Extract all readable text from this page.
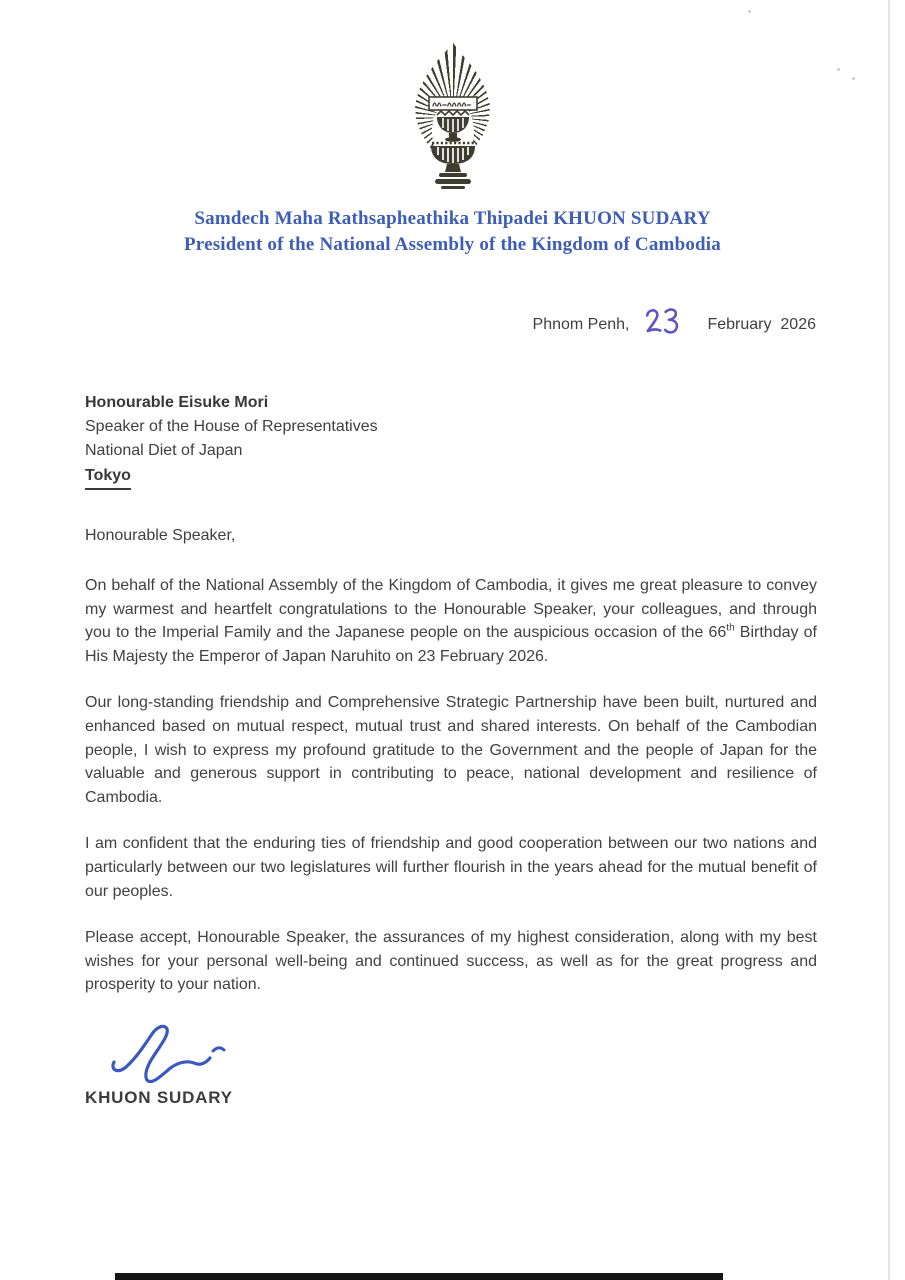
Samdech Maha Rathsapheathika Thipadei KHUON SUDARY
President of the National Assembly of the Kingdom of Cambodia
Phnom Penh,	February  2026
Honourable Eisuke Mori
Speaker of the House of Representatives
National Diet of Japan
Tokyo
Honourable Speaker,

On behalf of the National Assembly of the Kingdom of Cambodia, it gives me great pleasure to convey my warmest and heartfelt congratulations to the Honourable Speaker, your colleagues, and through you to the Imperial Family and the Japanese people on the auspicious occasion of the 66th Birthday of His Majesty the Emperor of Japan Naruhito on 23 February 2026.

Our long-standing friendship and Comprehensive Strategic Partnership have been built, nurtured and enhanced based on mutual respect, mutual trust and shared interests. On behalf of the Cambodian people, I wish to express my profound gratitude to the Government and the people of Japan for the valuable and generous support in contributing to peace, national development and resilience of Cambodia.

I am confident that the enduring ties of friendship and good cooperation between our two nations and particularly between our two legislatures will further flourish in the years ahead for the mutual benefit of our peoples.

Please accept, Honourable Speaker, the assurances of my highest consideration, along with my best wishes for your personal well-being and continued success, as well as for the great progress and prosperity to your nation.

KHUON SUDARY
